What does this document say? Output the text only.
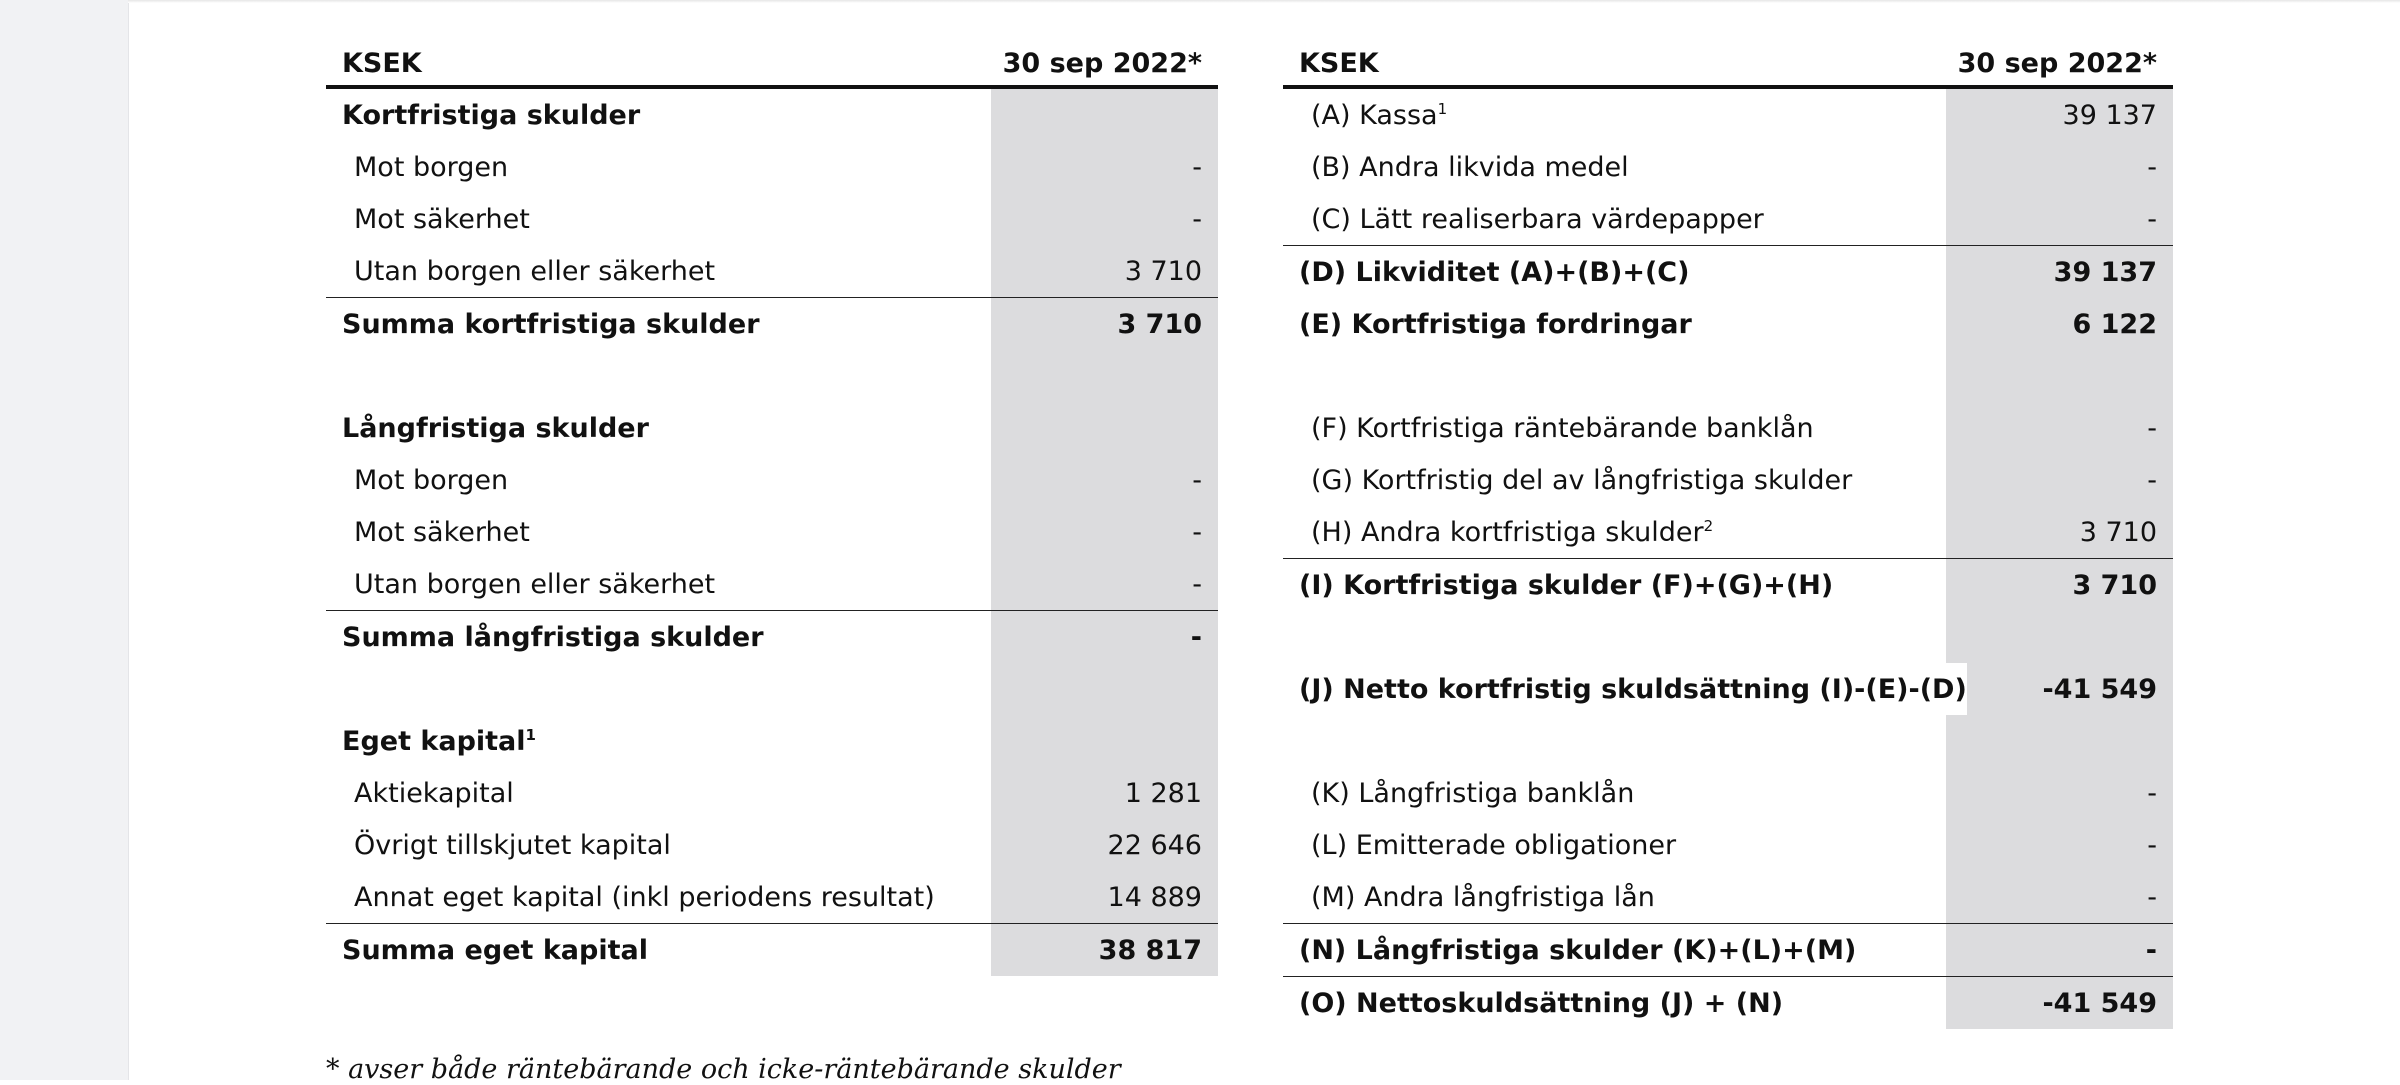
KSEK	30 sep 2022*
Kortfristiga skulder
Mot borgen	-
Mot säkerhet	-
Utan borgen eller säkerhet	3 710
Summa kortfristiga skulder	3 710
Långfristiga skulder
Mot borgen	-
Mot säkerhet	-
Utan borgen eller säkerhet	-
Summa långfristiga skulder	-
Eget kapital$^1$
Aktiekapital	1 281
Övrigt tillskjutet kapital	22 646
Annat eget kapital (inkl periodens resultat)	14 889
Summa eget kapital	38 817
KSEK	30 sep 2022*
(A) Kassa$^1$	39 137
(B) Andra likvida medel	-
(C) Lätt realiserbara värdepapper	-
(D) Likviditet (A)+(B)+(C)	39 137
(E) Kortfristiga fordringar	6 122
(F) Kortfristiga räntebärande banklån	-
(G) Kortfristig del av långfristiga skulder	-
(H) Andra kortfristiga skulder$^2$	3 710
(I) Kortfristiga skulder (F)+(G)+(H)	3 710
(J) Netto kortfristig skuldsättning (I)-(E)-(D)	-41 549
(K) Långfristiga banklån	-
(L) Emitterade obligationer	-
(M) Andra långfristiga lån	-
(N) Långfristiga skulder (K)+(L)+(M)	-
(O) Nettoskuldsättning (J) + (N)	-41 549
* avser både räntebärande och icke-räntebärande skulder
